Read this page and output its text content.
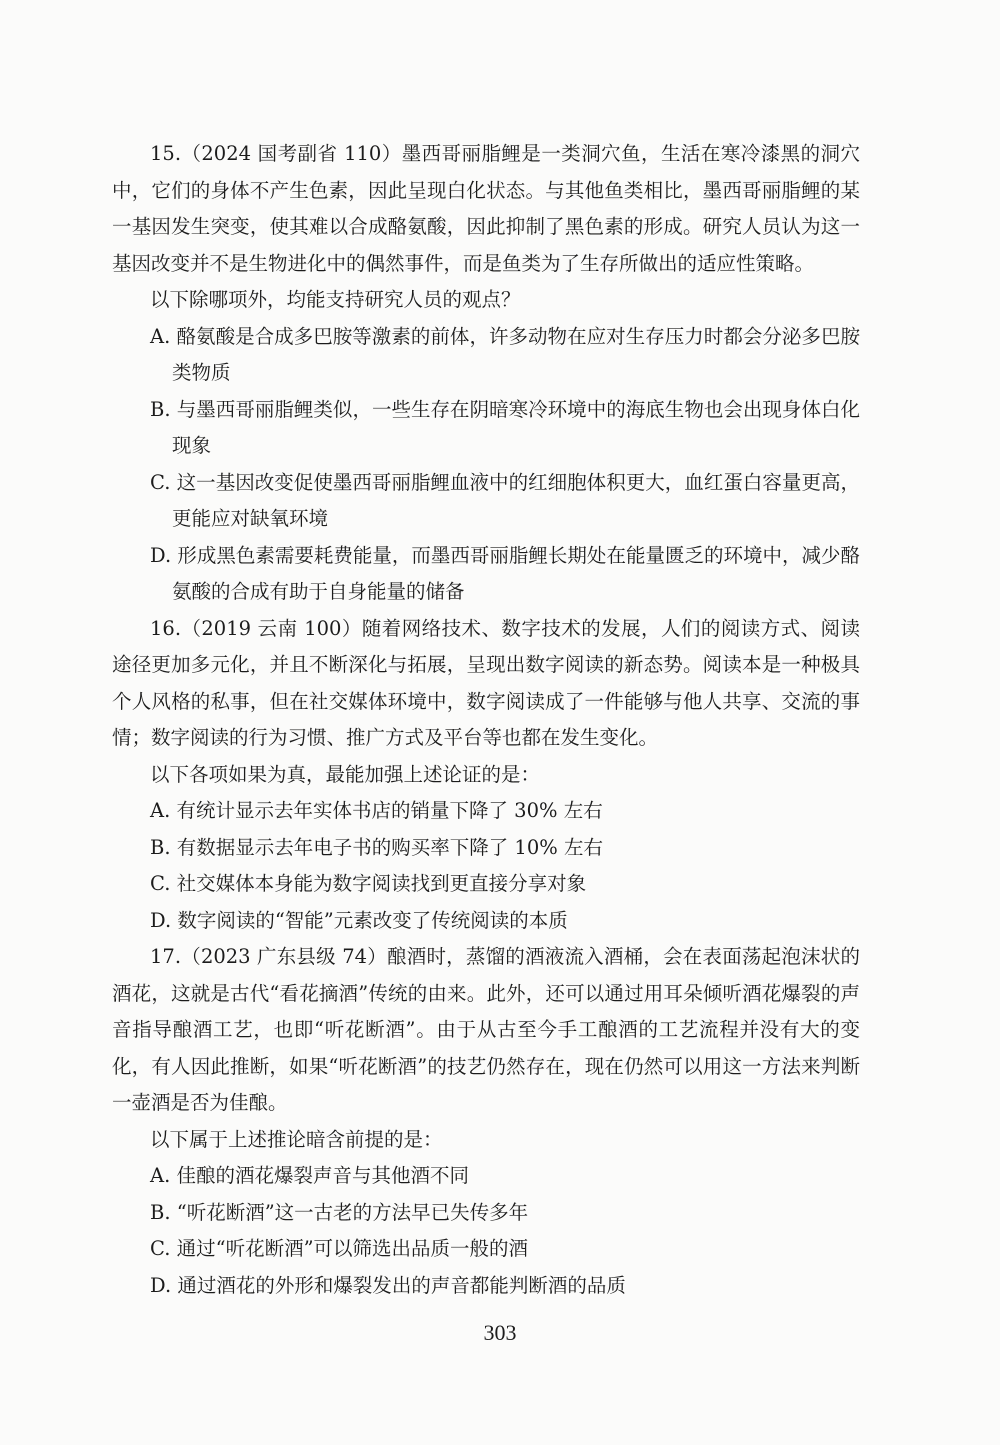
15.（2024 国考副省 110）墨西哥丽脂鲤是一类洞穴鱼，生活在寒冷漆黑的洞穴中，它们的身体不产生色素，因此呈现白化状态。与其他鱼类相比，墨西哥丽脂鲤的某一基因发生突变，使其难以合成酪氨酸，因此抑制了黑色素的形成。研究人员认为这一基因改变并不是生物进化中的偶然事件，而是鱼类为了生存所做出的适应性策略。

以下除哪项外，均能支持研究人员的观点？

A. 酪氨酸是合成多巴胺等激素的前体，许多动物在应对生存压力时都会分泌多巴胺类物质
B. 与墨西哥丽脂鲤类似，一些生存在阴暗寒冷环境中的海底生物也会出现身体白化现象
C. 这一基因改变促使墨西哥丽脂鲤血液中的红细胞体积更大，血红蛋白容量更高，更能应对缺氧环境
D. 形成黑色素需要耗费能量，而墨西哥丽脂鲤长期处在能量匮乏的环境中，减少酪氨酸的合成有助于自身能量的储备

16.（2019 云南 100）随着网络技术、数字技术的发展，人们的阅读方式、阅读途径更加多元化，并且不断深化与拓展，呈现出数字阅读的新态势。阅读本是一种极具个人风格的私事，但在社交媒体环境中，数字阅读成了一件能够与他人共享、交流的事情；数字阅读的行为习惯、推广方式及平台等也都在发生变化。

以下各项如果为真，最能加强上述论证的是：

A. 有统计显示去年实体书店的销量下降了 30% 左右
B. 有数据显示去年电子书的购买率下降了 10% 左右
C. 社交媒体本身能为数字阅读找到更直接分享对象
D. 数字阅读的“智能”元素改变了传统阅读的本质

17.（2023 广东县级 74）酿酒时，蒸馏的酒液流入酒桶，会在表面荡起泡沫状的酒花，这就是古代“看花摘酒”传统的由来。此外，还可以通过用耳朵倾听酒花爆裂的声音指导酿酒工艺，也即“听花断酒”。由于从古至今手工酿酒的工艺流程并没有大的变化，有人因此推断，如果“听花断酒”的技艺仍然存在，现在仍然可以用这一方法来判断一壶酒是否为佳酿。

以下属于上述推论暗含前提的是：

A. 佳酿的酒花爆裂声音与其他酒不同
B. “听花断酒”这一古老的方法早已失传多年
C. 通过“听花断酒”可以筛选出品质一般的酒
D. 通过酒花的外形和爆裂发出的声音都能判断酒的品质
303
